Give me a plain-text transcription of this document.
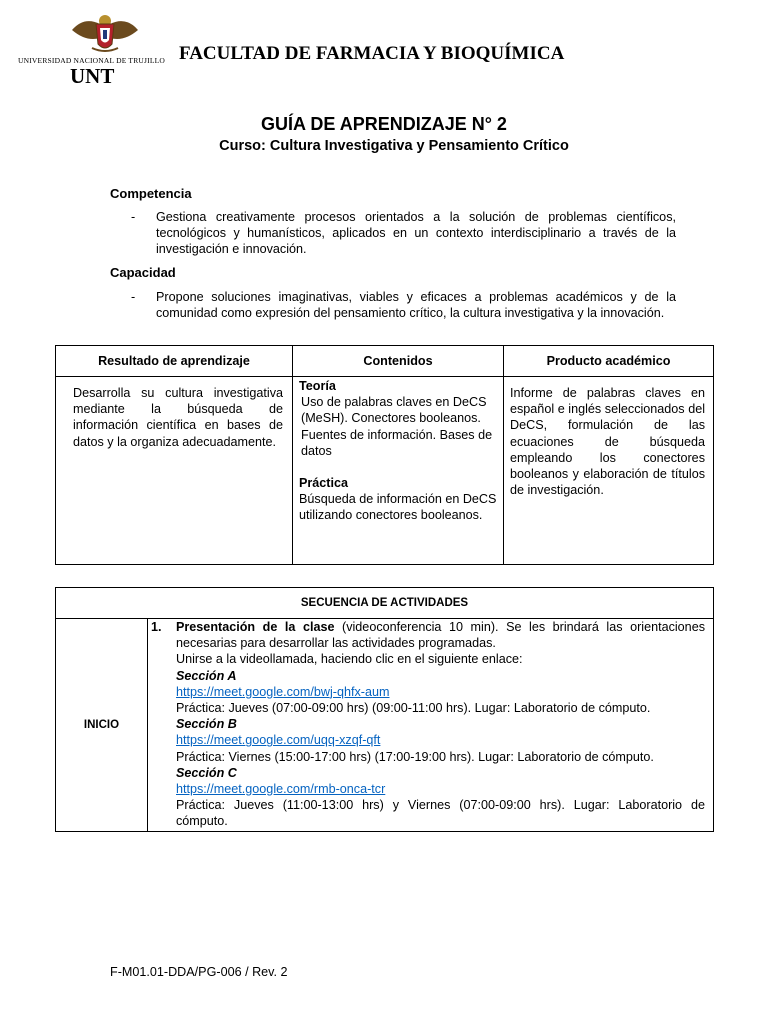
UNIVERSIDAD NACIONAL DE TRUJILLO
UNT
FACULTAD DE FARMACIA Y BIOQUÍMICA
GUÍA DE APRENDIZAJE N° 2
Curso: Cultura Investigativa y Pensamiento Crítico
Competencia
- Gestiona creativamente procesos orientados a la solución de problemas científicos, tecnológicos y humanísticos, aplicados en un contexto interdisciplinario a través de la investigación e innovación.
Capacidad
- Propone soluciones imaginativas, viables y eficaces a problemas académicos y de la comunidad como expresión del pensamiento crítico, la cultura investigativa y la innovación.
Resultado de aprendizaje	Contenidos	Producto académico

Desarrolla su cultura investigativa mediante la búsqueda de información científica en bases de datos y la organiza adecuadamente.	Teoría
Uso de palabras claves en DeCS (MeSH). Conectores booleanos. Fuentes de información. Bases de datos
Práctica
Búsqueda de información en DeCS utilizando conectores booleanos.	Informe de palabras claves en español e inglés seleccionados del DeCS, formulación de las ecuaciones de búsqueda empleando los conectores booleanos y elaboración de títulos de investigación.
SECUENCIA DE ACTIVIDADES
INICIO	
1. Presentación de la clase (videoconferencia 10 min). Se les brindará las orientaciones necesarias para desarrollar las actividades programadas.
Unirse a la videollamada, haciendo clic en el siguiente enlace:
Sección A
https://meet.google.com/bwj-qhfx-aum
Práctica: Jueves (07:00-09:00 hrs) (09:00-11:00 hrs). Lugar: Laboratorio de cómputo.
Sección B
https://meet.google.com/uqq-xzqf-qft
Práctica: Viernes (15:00-17:00 hrs) (17:00-19:00 hrs). Lugar: Laboratorio de cómputo.
Sección C
https://meet.google.com/rmb-onca-tcr
Práctica: Jueves (11:00-13:00 hrs) y Viernes (07:00-09:00 hrs). Lugar: Laboratorio de cómputo.
F-M01.01-DDA/PG-006 / Rev. 2
